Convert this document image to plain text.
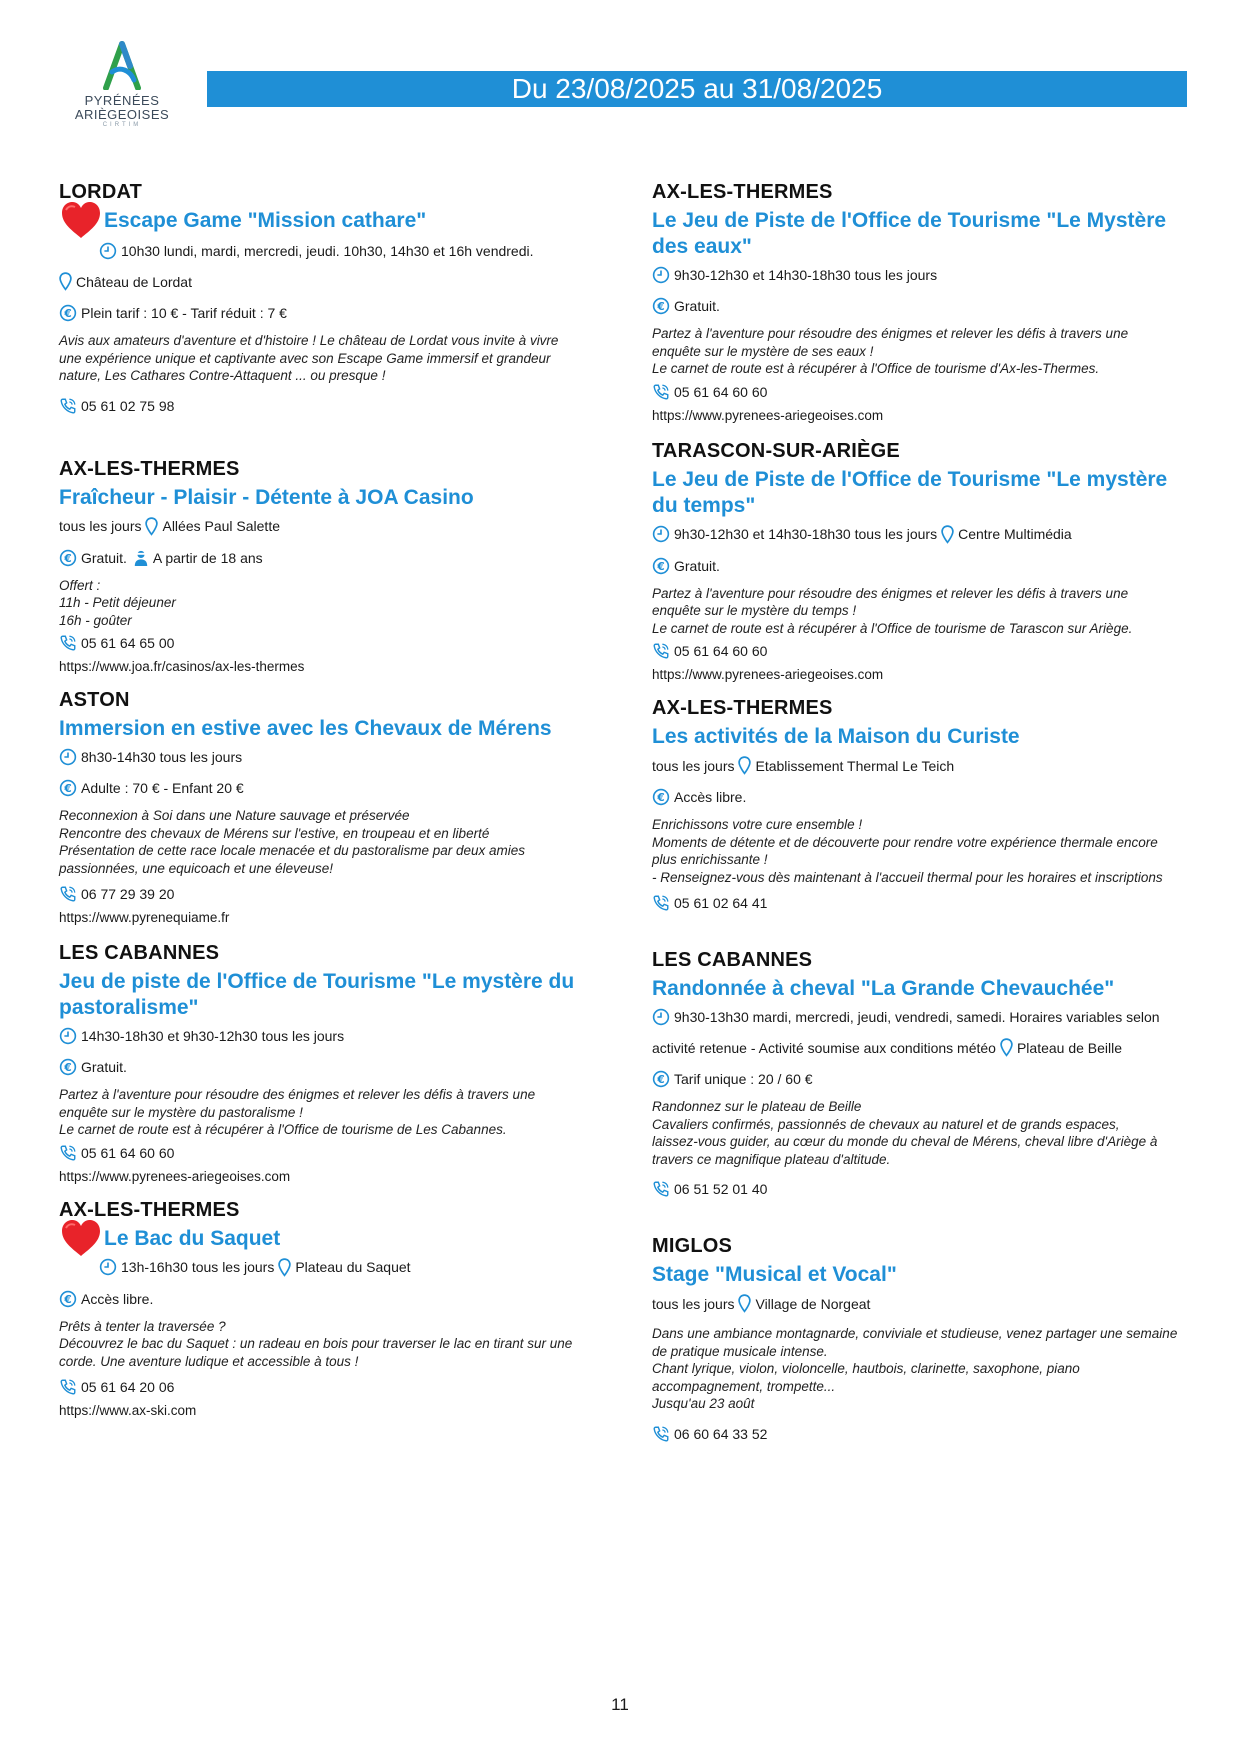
PYRÉNÉES
ARIÈGEOISES
CIRTIM
Du 23/08/2025 au 31/08/2025
LORDAT
Escape Game "Mission cathare"
10h30 lundi, mardi, mercredi, jeudi. 10h30, 14h30 et 16h vendredi.
Château de Lordat
Plein tarif : 10 € - Tarif réduit : 7 €
Avis aux amateurs d'aventure et d'histoire ! Le château de Lordat vous invite à vivre
une expérience unique et captivante avec son Escape Game immersif et grandeur
nature, Les Cathares Contre-Attaquent ... ou presque !
05 61 02 75 98
AX-LES-THERMES
Fraîcheur - Plaisir - Détente à JOA Casino
tous les jours Allées Paul Salette
Gratuit. A partir de 18 ans
Offert :
11h - Petit déjeuner
16h - goûter
05 61 64 65 00
https://www.joa.fr/casinos/ax-les-thermes
ASTON
Immersion en estive avec les Chevaux de Mérens
8h30-14h30 tous les jours
Adulte : 70 € - Enfant 20 €
Reconnexion à Soi dans une Nature sauvage et préservée
Rencontre des chevaux de Mérens sur l'estive, en troupeau et en liberté
Présentation de cette race locale menacée et du pastoralisme par deux amies
passionnées, une equicoach et une éleveuse!
06 77 29 39 20
https://www.pyrenequiame.fr
LES CABANNES
Jeu de piste de l'Office de Tourisme "Le mystère du pastoralisme"
14h30-18h30 et 9h30-12h30 tous les jours
Gratuit.
Partez à l'aventure pour résoudre des énigmes et relever les défis à travers une
enquête sur le mystère du pastoralisme !
Le carnet de route est à récupérer à l'Office de tourisme de Les Cabannes.
05 61 64 60 60
https://www.pyrenees-ariegeoises.com
AX-LES-THERMES
Le Bac du Saquet
13h-16h30 tous les jours Plateau du Saquet
Accès libre.
Prêts à tenter la traversée ?
Découvrez le bac du Saquet : un radeau en bois pour traverser le lac en tirant sur une
corde. Une aventure ludique et accessible à tous !
05 61 64 20 06
https://www.ax-ski.com
AX-LES-THERMES
Le Jeu de Piste de l'Office de Tourisme "Le Mystère des eaux"
9h30-12h30 et 14h30-18h30 tous les jours
Gratuit.
Partez à l'aventure pour résoudre des énigmes et relever les défis à travers une
enquête sur le mystère de ses eaux !
Le carnet de route est à récupérer à l'Office de tourisme d'Ax-les-Thermes.
05 61 64 60 60
https://www.pyrenees-ariegeoises.com
TARASCON-SUR-ARIÈGE
Le Jeu de Piste de l'Office de Tourisme "Le mystère du temps"
9h30-12h30 et 14h30-18h30 tous les jours Centre Multimédia
Gratuit.
Partez à l'aventure pour résoudre des énigmes et relever les défis à travers une
enquête sur le mystère du temps !
Le carnet de route est à récupérer à l'Office de tourisme de Tarascon sur Ariège.
05 61 64 60 60
https://www.pyrenees-ariegeoises.com
AX-LES-THERMES
Les activités de la Maison du Curiste
tous les jours Etablissement Thermal Le Teich
Accès libre.
Enrichissons votre cure ensemble !
Moments de détente et de découverte pour rendre votre expérience thermale encore
plus enrichissante !
- Renseignez-vous dès maintenant à l'accueil thermal pour les horaires et inscriptions
05 61 02 64 41
LES CABANNES
Randonnée à cheval "La Grande Chevauchée"
9h30-13h30 mardi, mercredi, jeudi, vendredi, samedi. Horaires variables selon
activité retenue - Activité soumise aux conditions météo Plateau de Beille
Tarif unique : 20 / 60 €
Randonnez sur le plateau de Beille
Cavaliers confirmés, passionnés de chevaux au naturel et de grands espaces,
laissez-vous guider, au cœur du monde du cheval de Mérens, cheval libre d'Ariège à
travers ce magnifique plateau d'altitude.
06 51 52 01 40
MIGLOS
Stage "Musical et Vocal"
tous les jours Village de Norgeat
Dans une ambiance montagnarde, conviviale et studieuse, venez partager une semaine
de pratique musicale intense.
Chant lyrique, violon, violoncelle, hautbois, clarinette, saxophone, piano
accompagnement, trompette...
Jusqu'au 23 août
06 60 64 33 52
11
